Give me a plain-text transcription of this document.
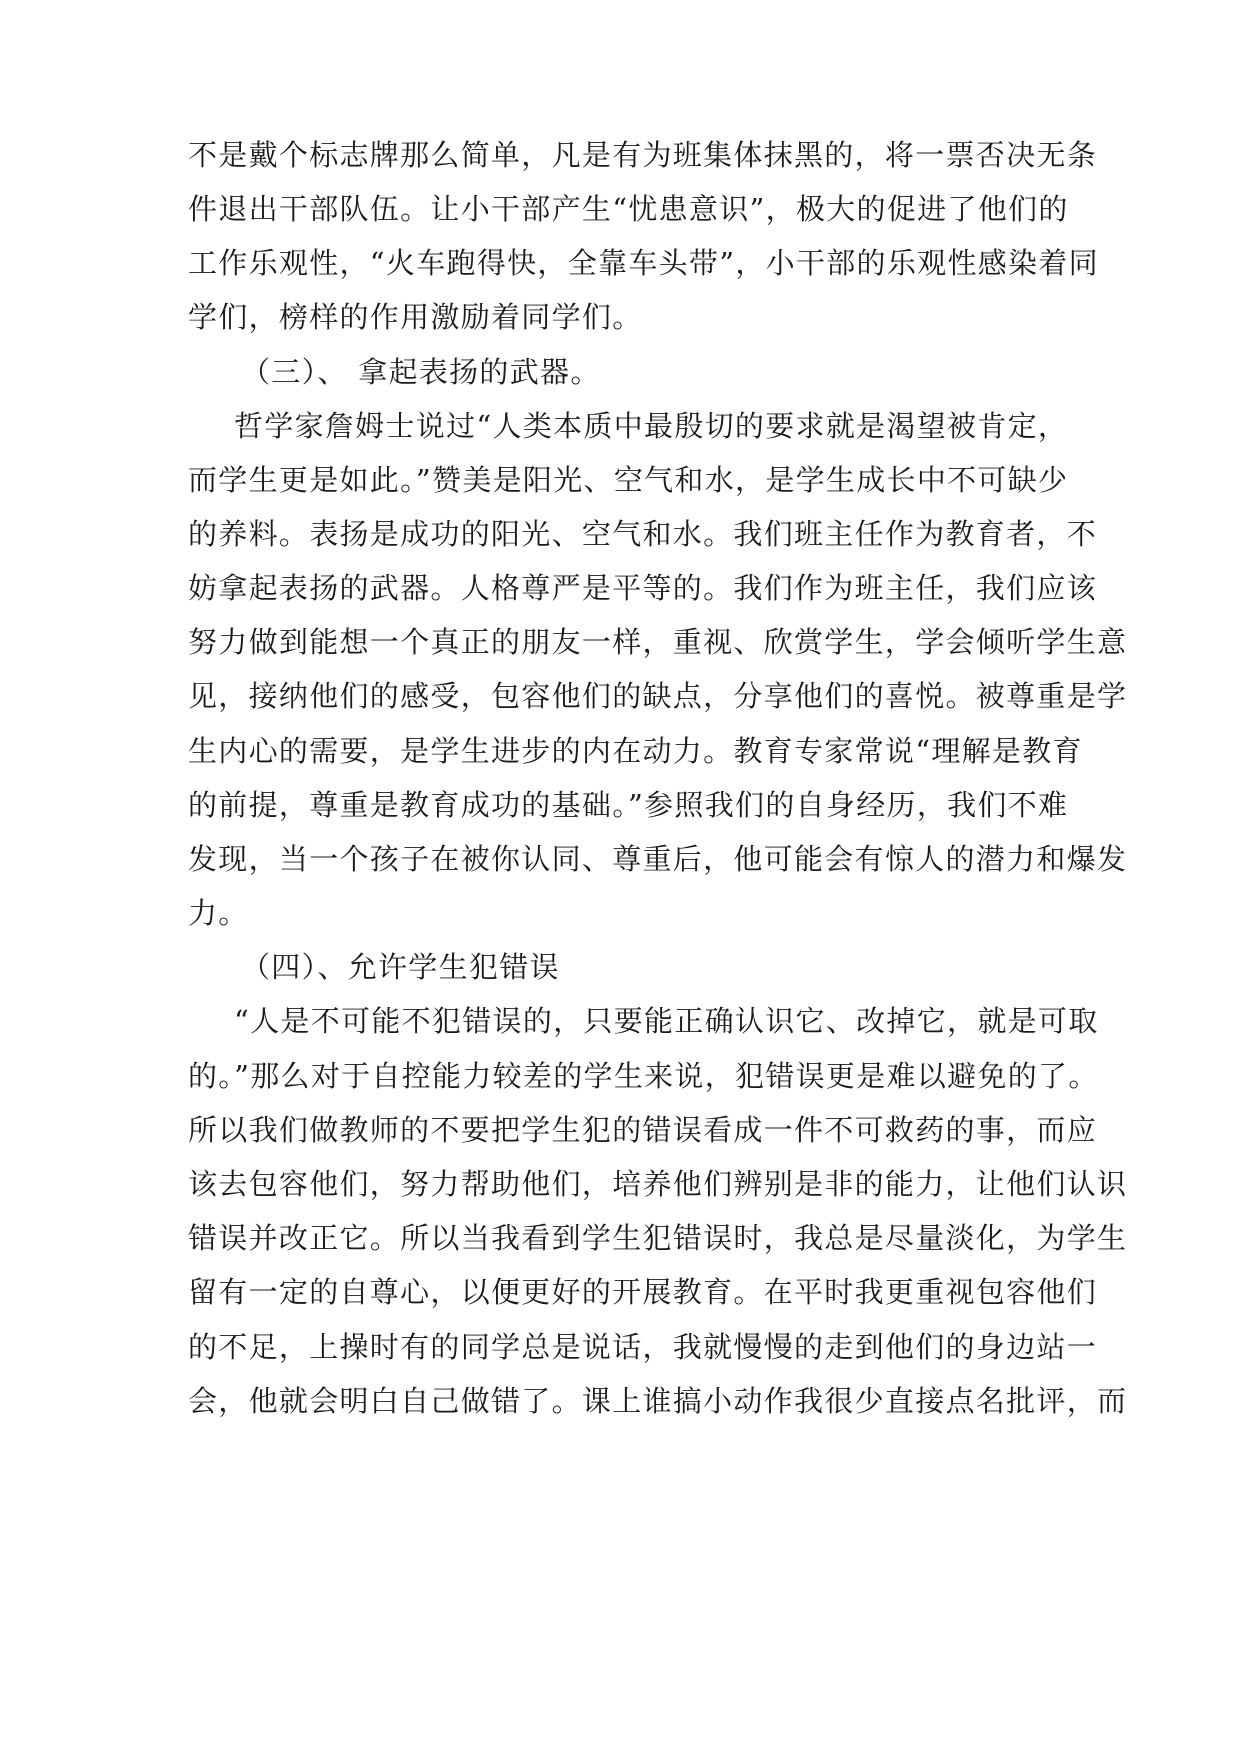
不是戴个标志牌那么简单，凡是有为班集体抹黑的，将一票否决无条
件退出干部队伍。让小干部产生“忧患意识”，极大的促进了他们的
工作乐观性，“火车跑得快，全靠车头带”，小干部的乐观性感染着同
学们，榜样的作用激励着同学们。
（三）、 拿起表扬的武器。
哲学家詹姆士说过“人类本质中最殷切的要求就是渴望被肯定，
而学生更是如此。”赞美是阳光、空气和水，是学生成长中不可缺少
的养料。表扬是成功的阳光、空气和水。我们班主任作为教育者，不
妨拿起表扬的武器。人格尊严是平等的。我们作为班主任，我们应该
努力做到能想一个真正的朋友一样，重视、欣赏学生，学会倾听学生意
见，接纳他们的感受，包容他们的缺点，分享他们的喜悦。被尊重是学
生内心的需要，是学生进步的内在动力。教育专家常说“理解是教育
的前提，尊重是教育成功的基础。”参照我们的自身经历，我们不难
发现，当一个孩子在被你认同、尊重后，他可能会有惊人的潜力和爆发
力。
（四）、允许学生犯错误
“人是不可能不犯错误的，只要能正确认识它、改掉它，就是可取
的。”那么对于自控能力较差的学生来说，犯错误更是难以避免的了。
所以我们做教师的不要把学生犯的错误看成一件不可救药的事，而应
该去包容他们，努力帮助他们，培养他们辨别是非的能力，让他们认识
错误并改正它。所以当我看到学生犯错误时，我总是尽量淡化，为学生
留有一定的自尊心，以便更好的开展教育。在平时我更重视包容他们
的不足，上操时有的同学总是说话，我就慢慢的走到他们的身边站一
会，他就会明白自己做错了。课上谁搞小动作我很少直接点名批评，而
